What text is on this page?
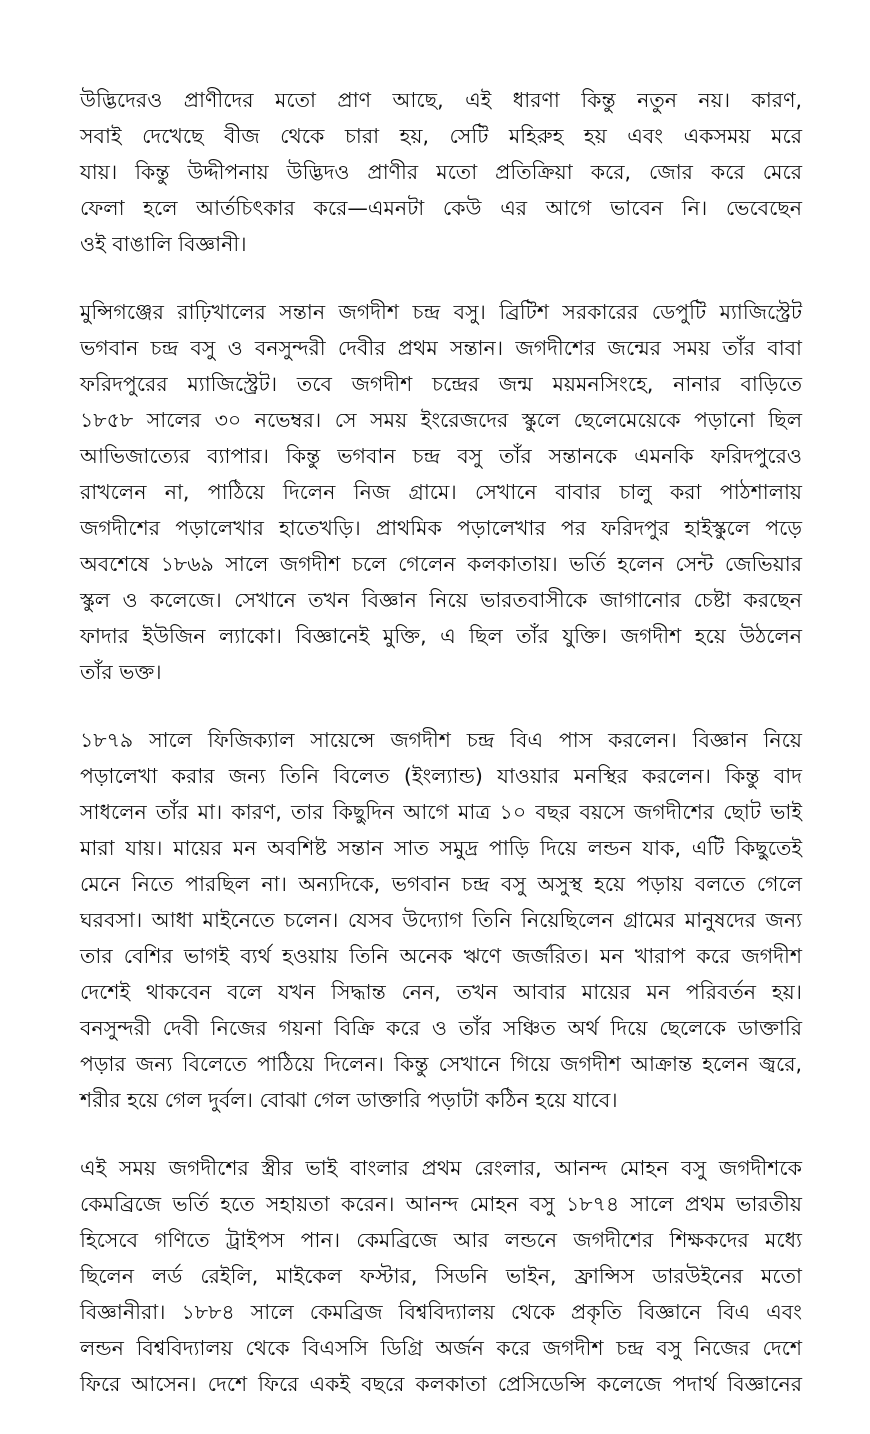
উদ্ভিদেরও প্রাণীদের মতো প্রাণ আছে, এই ধারণা কিন্তু নতুন নয়। কারণ,
সবাই দেখেছে বীজ থেকে চারা হয়, সেটি মহিরুহ হয় এবং একসময় মরে
যায়। কিন্তু উদ্দীপনায় উদ্ভিদও প্রাণীর মতো প্রতিক্রিয়া করে, জোর করে মেরে
ফেলা হলে আর্তচিৎকার করে—এমনটা কেউ এর আগে ভাবেন নি। ভেবেছেন
ওই বাঙালি বিজ্ঞানী।
মুন্সিগঞ্জের রাঢ়িখালের সন্তান জগদীশ চন্দ্র বসু। ব্রিটিশ সরকারের ডেপুটি ম্যাজিস্ট্রেট
ভগবান চন্দ্র বসু ও বনসুন্দরী দেবীর প্রথম সন্তান। জগদীশের জন্মের সময় তাঁর বাবা
ফরিদপুরের ম্যাজিস্ট্রেট। তবে জগদীশ চন্দ্রের জন্ম ময়মনসিংহে, নানার বাড়িতে
১৮৫৮ সালের ৩০ নভেম্বর। সে সময় ইংরেজদের স্কুলে ছেলেমেয়েকে পড়ানো ছিল
আভিজাত্যের ব্যাপার। কিন্তু ভগবান চন্দ্র বসু তাঁর সন্তানকে এমনকি ফরিদপুরেও
রাখলেন না, পাঠিয়ে দিলেন নিজ গ্রামে। সেখানে বাবার চালু করা পাঠশালায়
জগদীশের পড়ালেখার হাতেখড়ি। প্রাথমিক পড়ালেখার পর ফরিদপুর হাইস্কুলে পড়ে
অবশেষে ১৮৬৯ সালে জগদীশ চলে গেলেন কলকাতায়। ভর্তি হলেন সেন্ট জেভিয়ার
স্কুল ও কলেজে। সেখানে তখন বিজ্ঞান নিয়ে ভারতবাসীকে জাগানোর চেষ্টা করছেন
ফাদার ইউজিন ল্যাকো। বিজ্ঞানেই মুক্তি, এ ছিল তাঁর যুক্তি। জগদীশ হয়ে উঠলেন
তাঁর ভক্ত।
১৮৭৯ সালে ফিজিক্যাল সায়েন্সে জগদীশ চন্দ্র বিএ পাস করলেন। বিজ্ঞান নিয়ে
পড়ালেখা করার জন্য তিনি বিলেত (ইংল্যান্ড) যাওয়ার মনস্থির করলেন। কিন্তু বাদ
সাধলেন তাঁর মা। কারণ, তার কিছুদিন আগে মাত্র ১০ বছর বয়সে জগদীশের ছোট ভাই
মারা যায়। মায়ের মন অবশিষ্ট সন্তান সাত সমুদ্র পাড়ি দিয়ে লন্ডন যাক, এটি কিছুতেই
মেনে নিতে পারছিল না। অন্যদিকে, ভগবান চন্দ্র বসু অসুস্থ হয়ে পড়ায় বলতে গেলে
ঘরবসা। আধা মাইনেতে চলেন। যেসব উদ্যোগ তিনি নিয়েছিলেন গ্রামের মানুষদের জন্য
তার বেশির ভাগই ব্যর্থ হওয়ায় তিনি অনেক ঋণে জর্জরিত। মন খারাপ করে জগদীশ
দেশেই থাকবেন বলে যখন সিদ্ধান্ত নেন, তখন আবার মায়ের মন পরিবর্তন হয়।
বনসুন্দরী দেবী নিজের গয়না বিক্রি করে ও তাঁর সঞ্চিত অর্থ দিয়ে ছেলেকে ডাক্তারি
পড়ার জন্য বিলেতে পাঠিয়ে দিলেন। কিন্তু সেখানে গিয়ে জগদীশ আক্রান্ত হলেন জ্বরে,
শরীর হয়ে গেল দুর্বল। বোঝা গেল ডাক্তারি পড়াটা কঠিন হয়ে যাবে।
এই সময় জগদীশের স্ত্রীর ভাই বাংলার প্রথম রেংলার, আনন্দ মোহন বসু জগদীশকে
কেমব্রিজে ভর্তি হতে সহায়তা করেন। আনন্দ মোহন বসু ১৮৭৪ সালে প্রথম ভারতীয়
হিসেবে গণিতে ট্রাইপস পান। কেমব্রিজে আর লন্ডনে জগদীশের শিক্ষকদের মধ্যে
ছিলেন লর্ড রেইলি, মাইকেল ফস্টার, সিডনি ভাইন, ফ্রান্সিস ডারউইনের মতো
বিজ্ঞানীরা। ১৮৮৪ সালে কেমব্রিজ বিশ্ববিদ্যালয় থেকে প্রকৃতি বিজ্ঞানে বিএ এবং
লন্ডন বিশ্ববিদ্যালয় থেকে বিএসসি ডিগ্রি অর্জন করে জগদীশ চন্দ্র বসু নিজের দেশে
ফিরে আসেন। দেশে ফিরে একই বছরে কলকাতা প্রেসিডেন্সি কলেজে পদার্থ বিজ্ঞানের
